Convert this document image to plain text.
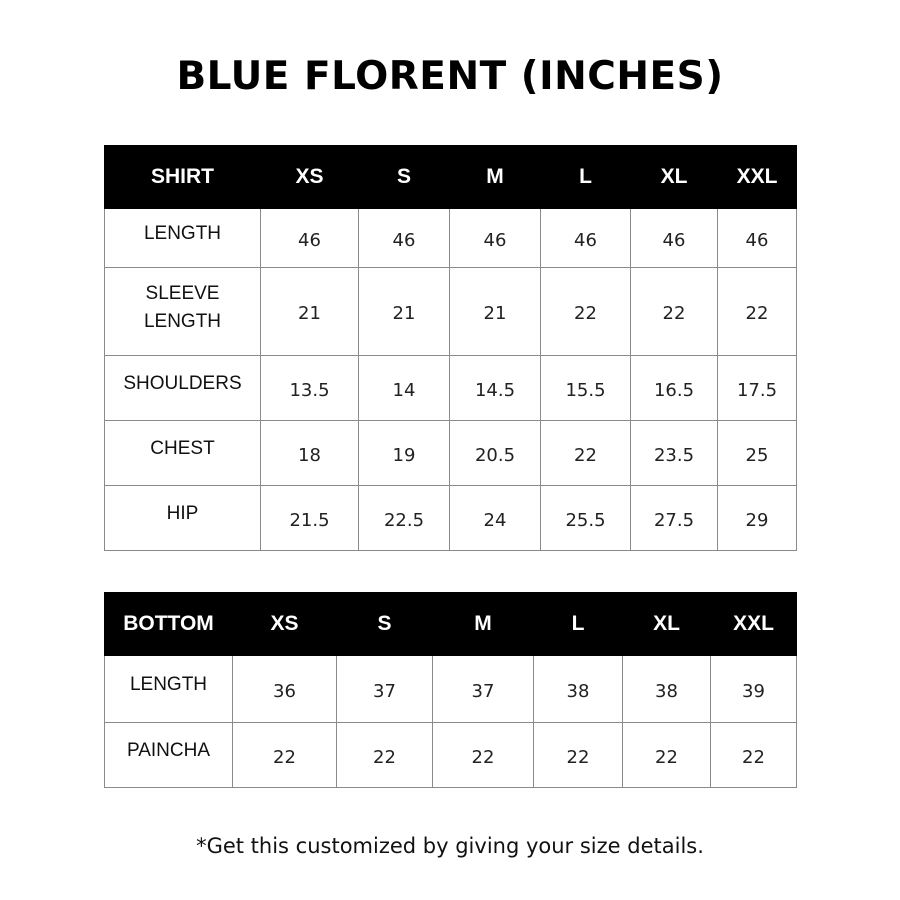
BLUE FLORENT (INCHES)
SHIRT	XS	S	M	L	XL	XXL
LENGTH	46	46	46	46	46	46
SLEEVE LENGTH	21	21	21	22	22	22
SHOULDERS	13.5	14	14.5	15.5	16.5	17.5
CHEST	18	19	20.5	22	23.5	25
HIP	21.5	22.5	24	25.5	27.5	29
BOTTOM	XS	S	M	L	XL	XXL
LENGTH	36	37	37	38	38	39
PAINCHA	22	22	22	22	22	22
*Get this customized by giving your size details.
